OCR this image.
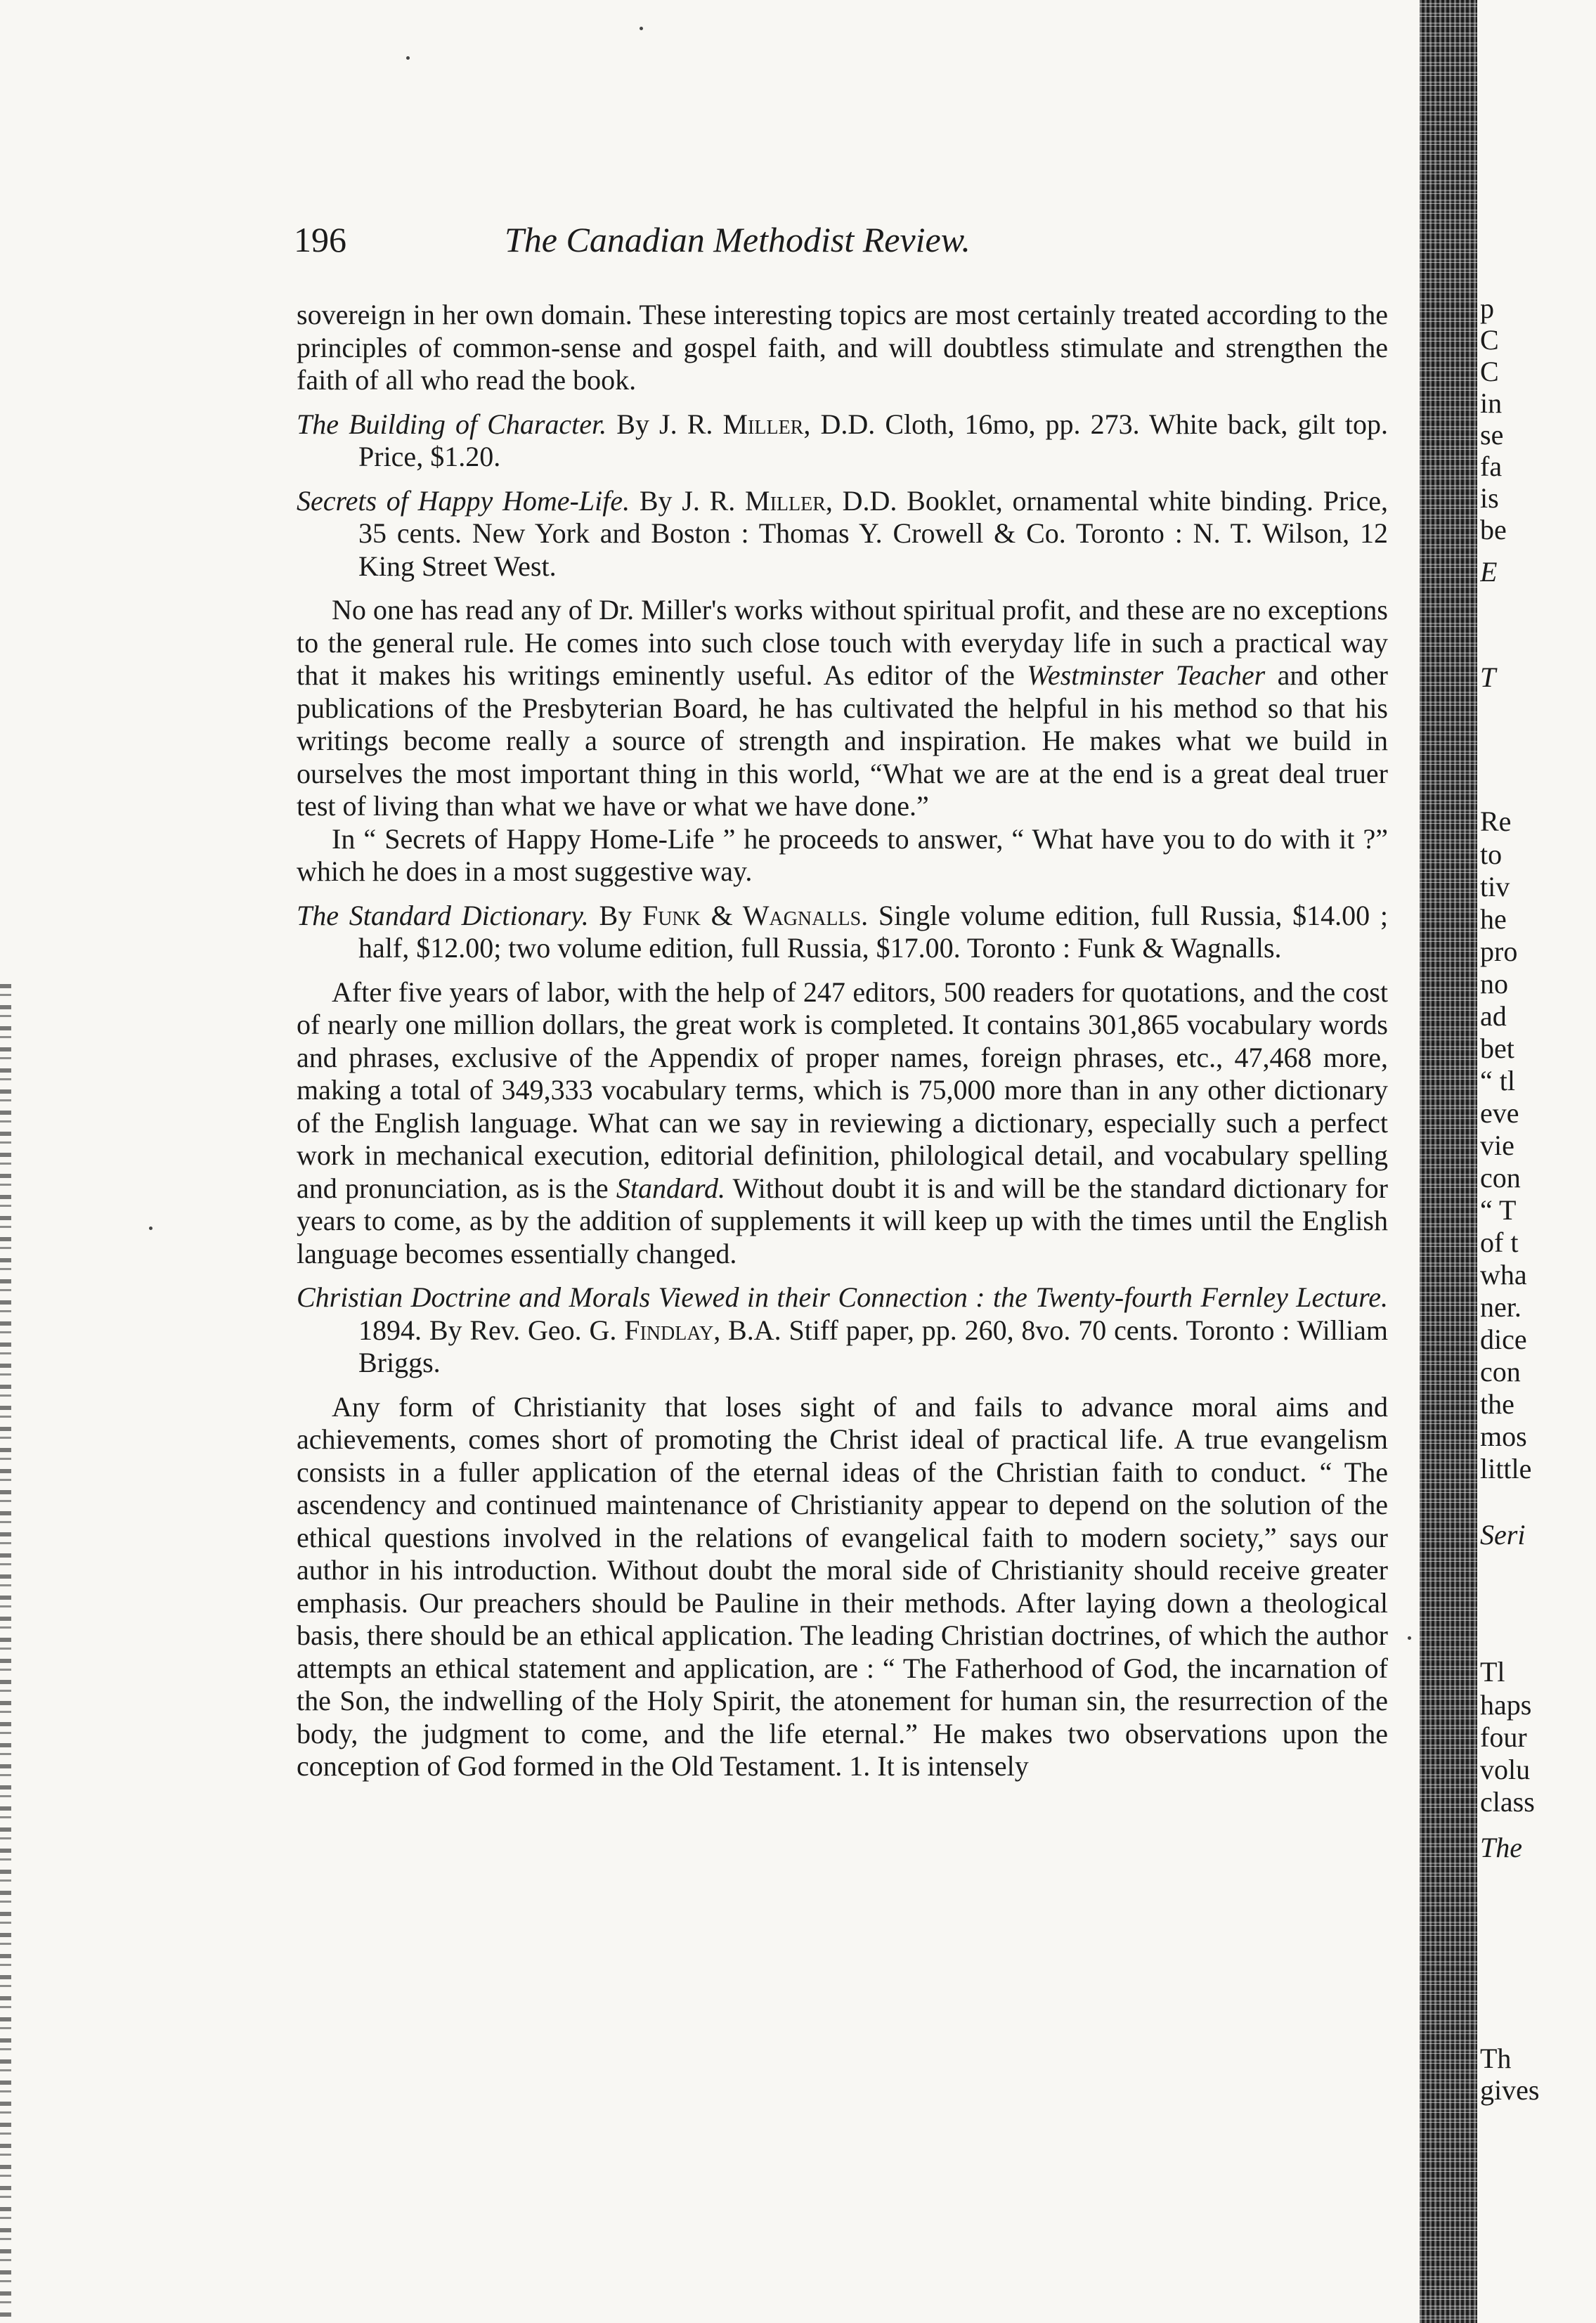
196	The Canadian Methodist Review.

sovereign in her own domain. These interesting topics are most certainly treated according to the principles of common-sense and gospel faith, and will doubtless stimulate and strengthen the faith of all who read the book.

The Building of Character. By J. R. Miller, D.D. Cloth, 16mo, pp. 273. White back, gilt top. Price, $1.20.

Secrets of Happy Home-Life. By J. R. Miller, D.D. Booklet, ornamental white binding. Price, 35 cents. New York and Boston : Thomas Y. Crowell & Co. Toronto : N. T. Wilson, 12 King Street West.

No one has read any of Dr. Miller's works without spiritual profit, and these are no exceptions to the general rule. He comes into such close touch with everyday life in such a practical way that it makes his writings eminently useful. As editor of the Westminster Teacher and other publications of the Presbyterian Board, he has cultivated the helpful in his method so that his writings become really a source of strength and inspiration. He makes what we build in ourselves the most important thing in this world, “What we are at the end is a great deal truer test of living than what we have or what we have done.”

In “ Secrets of Happy Home-Life ” he proceeds to answer, “ What have you to do with it ?” which he does in a most suggestive way.

The Standard Dictionary. By Funk & Wagnalls. Single volume edition, full Russia, $14.00 ; half, $12.00; two volume edition, full Russia, $17.00. Toronto : Funk & Wagnalls.

After five years of labor, with the help of 247 editors, 500 readers for quotations, and the cost of nearly one million dollars, the great work is completed. It contains 301,865 vocabulary words and phrases, exclusive of the Appendix of proper names, foreign phrases, etc., 47,468 more, making a total of 349,333 vocabulary terms, which is 75,000 more than in any other dictionary of the English language. What can we say in reviewing a dictionary, especially such a perfect work in mechanical execution, editorial definition, philological detail, and vocabulary spelling and pronunciation, as is the Standard. Without doubt it is and will be the standard dictionary for years to come, as by the addition of supplements it will keep up with the times until the English language becomes essentially changed.

Christian Doctrine and Morals Viewed in their Connection : the Twenty-fourth Fernley Lecture. 1894. By Rev. Geo. G. Findlay, B.A. Stiff paper, pp. 260, 8vo. 70 cents. Toronto : William Briggs.

Any form of Christianity that loses sight of and fails to advance moral aims and achievements, comes short of promoting the Christ ideal of practical life. A true evangelism consists in a fuller application of the eternal ideas of the Christian faith to conduct. “ The ascendency and continued maintenance of Christianity appear to depend on the solution of the ethical questions involved in the relations of evangelical faith to modern society,” says our author in his introduction. Without doubt the moral side of Christianity should receive greater emphasis. Our preachers should be Pauline in their methods. After laying down a theological basis, there should be an ethical application. The leading Christian doctrines, of which the author attempts an ethical statement and application, are : “ The Fatherhood of God, the incarnation of the Son, the indwelling of the Holy Spirit, the atonement for human sin, the resurrection of the body, the judgment to come, and the life eternal.” He makes two observations upon the conception of God formed in the Old Testament. 1. It is intensely

p
C
C
in
se
fa
is
be
E
T
Re
to
tiv
he
pro
no
ad
bet
“ tl
eve
vie
con
“ T
of t
wha
ner.
dice
con
the
mos
little
Seri
Tl
haps
four
volu
class
The
Th
gives
